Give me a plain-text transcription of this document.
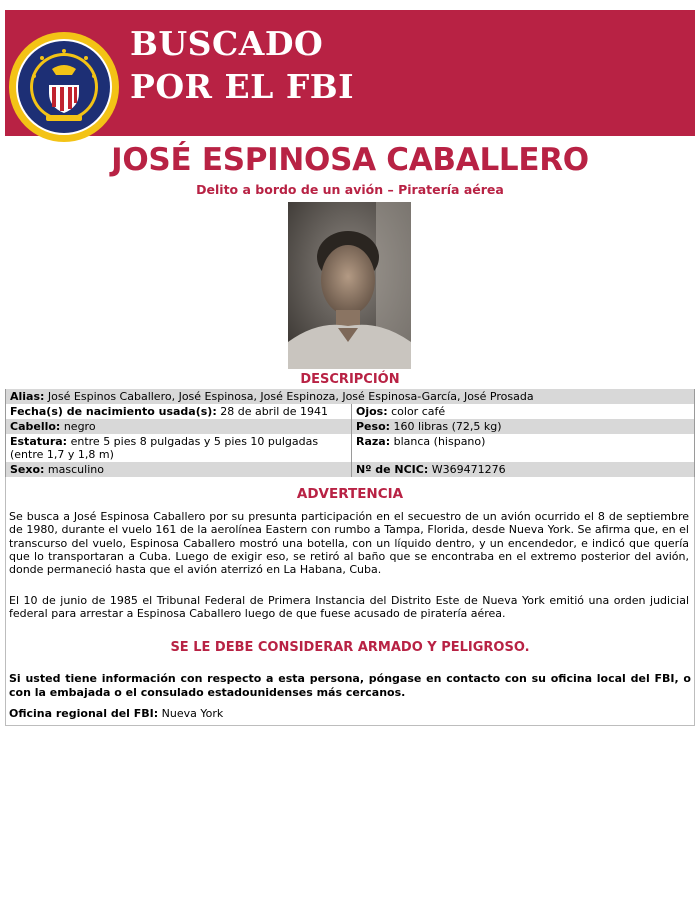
BUSCADO
POR EL FBI
JOSÉ ESPINOSA CABALLERO
Delito a bordo de un avión – Piratería aérea
DESCRIPCIÓN
Alias: José Espinos Caballero, José Espinosa, José Espinoza, José Espinosa-García, José Prosada	
Fecha(s) de nacimiento usada(s): 28 de abril de 1941	Ojos: color café
Cabello: negro	Peso: 160 libras (72,5 kg)
Estatura: entre 5 pies 8 pulgadas y 5 pies 10 pulgadas (entre 1,7 y 1,8 m)	Raza: blanca (hispano)
Sexo: masculino	Nº de NCIC: W369471276
ADVERTENCIA
Se busca a José Espinosa Caballero por su presunta participación en el secuestro de un avión ocurrido el 8 de septiembre de 1980, durante el vuelo 161 de la aerolínea Eastern con rumbo a Tampa, Florida, desde Nueva York. Se afirma que, en el transcurso del vuelo, Espinosa Caballero mostró una botella, con un líquido dentro, y un encendedor, e indicó que quería que lo transportaran a Cuba. Luego de exigir eso, se retiró al baño que se encontraba en el extremo posterior del avión, donde permaneció hasta que el avión aterrizó en La Habana, Cuba.
El 10 de junio de 1985 el Tribunal Federal de Primera Instancia del Distrito Este de Nueva York emitió una orden judicial federal para arrestar a Espinosa Caballero luego de que fuese acusado de piratería aérea.
SE LE DEBE CONSIDERAR ARMADO Y PELIGROSO.
Si usted tiene información con respecto a esta persona, póngase en contacto con su oficina local del FBI, o con la embajada o el consulado estadounidenses más cercanos.
Oficina regional del FBI: Nueva York
